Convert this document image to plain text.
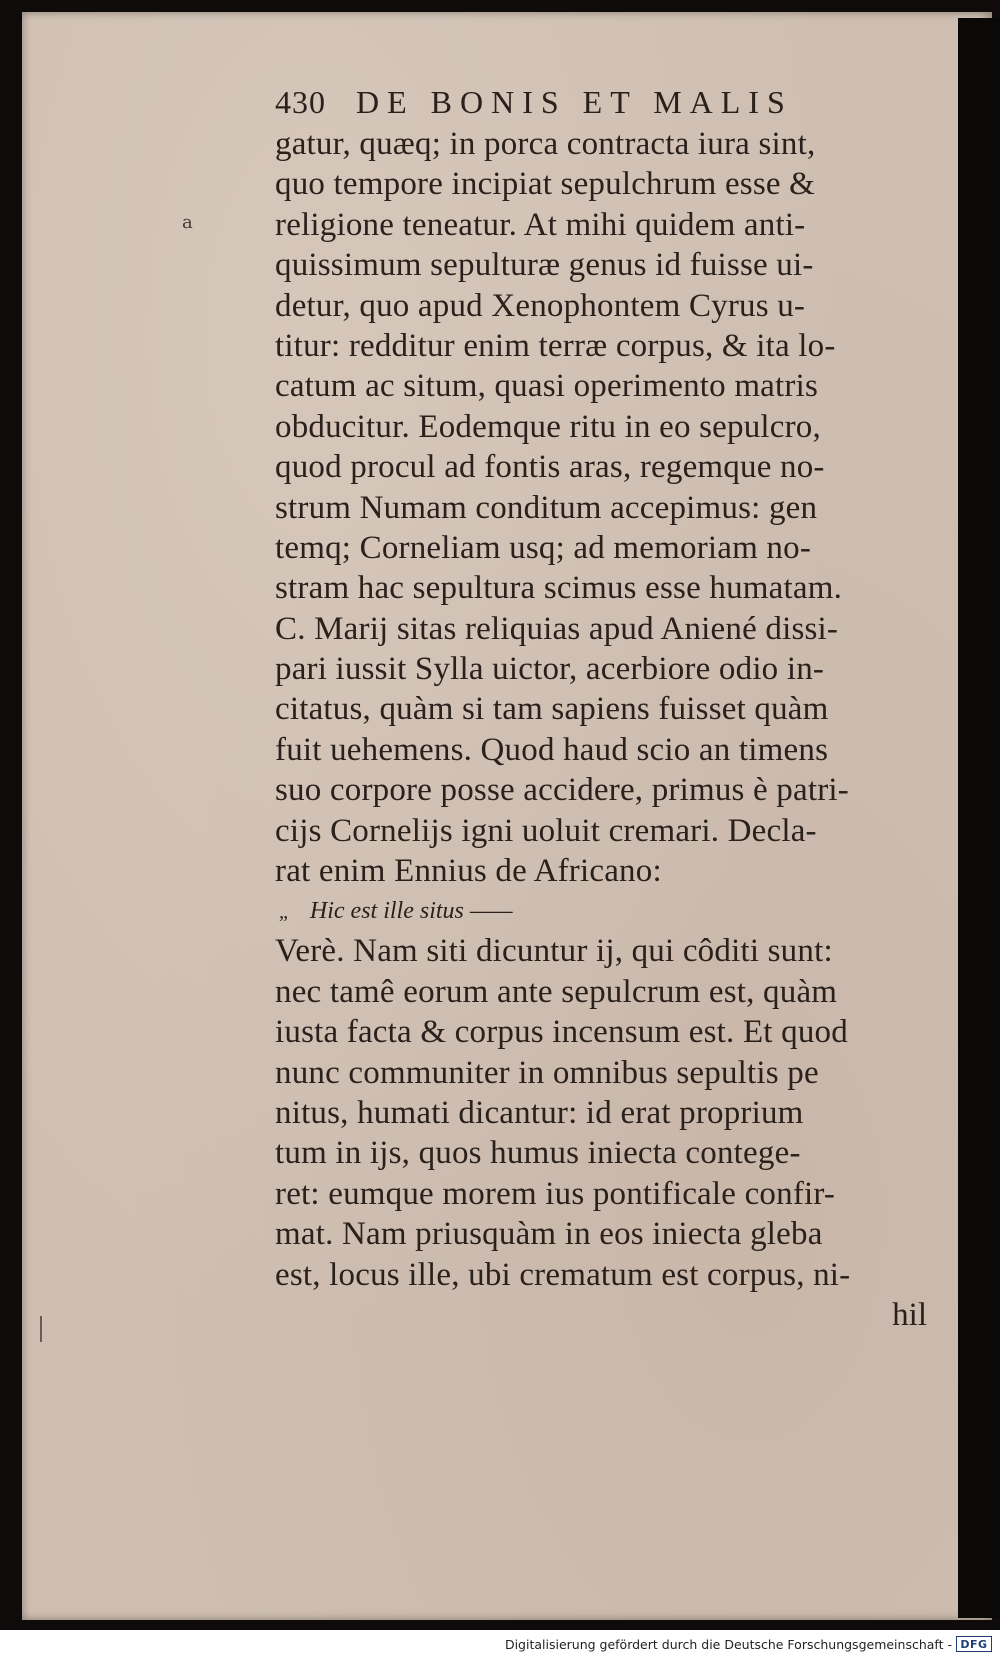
a
430 DE BONIS ET MALIS
gatur, quæq; in porca contracta iura sint,
quo tempore incipiat sepulchrum esse &
religione teneatur. At mihi quidem anti-
quissimum sepulturæ genus id fuisse ui-
detur, quo apud Xenophontem Cyrus u-
titur: redditur enim terræ corpus, & ita lo-
catum ac situm, quasi operimento matris
obducitur. Eodemque ritu in eo sepulcro,
quod procul ad fontis aras, regemque no-
strum Numam conditum accepimus: gen
temq; Corneliam usq; ad memoriam no-
stram hac sepultura scimus esse humatam.
C. Marij sitas reliquias apud Aniené dissi-
pari iussit Sylla uictor, acerbiore odio in-
citatus, quàm si tam sapiens fuisset quàm
fuit uehemens. Quod haud scio an timens
suo corpore posse accidere, primus è patri-
cijs Cornelijs igni uoluit cremari. Decla-
rat enim Ennius de Africano:
„ Hic est ille situs ——
Verè. Nam siti dicuntur ij, qui côditi sunt:
nec tamê eorum ante sepulcrum est, quàm
iusta facta & corpus incensum est. Et quod
nunc communiter in omnibus sepultis pe
nitus, humati dicantur: id erat proprium
tum in ijs, quos humus iniecta contege-
ret: eumque morem ius pontificale confir-
mat. Nam priusquàm in eos iniecta gleba
est, locus ille, ubi crematum est corpus, ni-
hil
Digitalisierung gefördert durch die Deutsche Forschungsgemeinschaft - DFG
